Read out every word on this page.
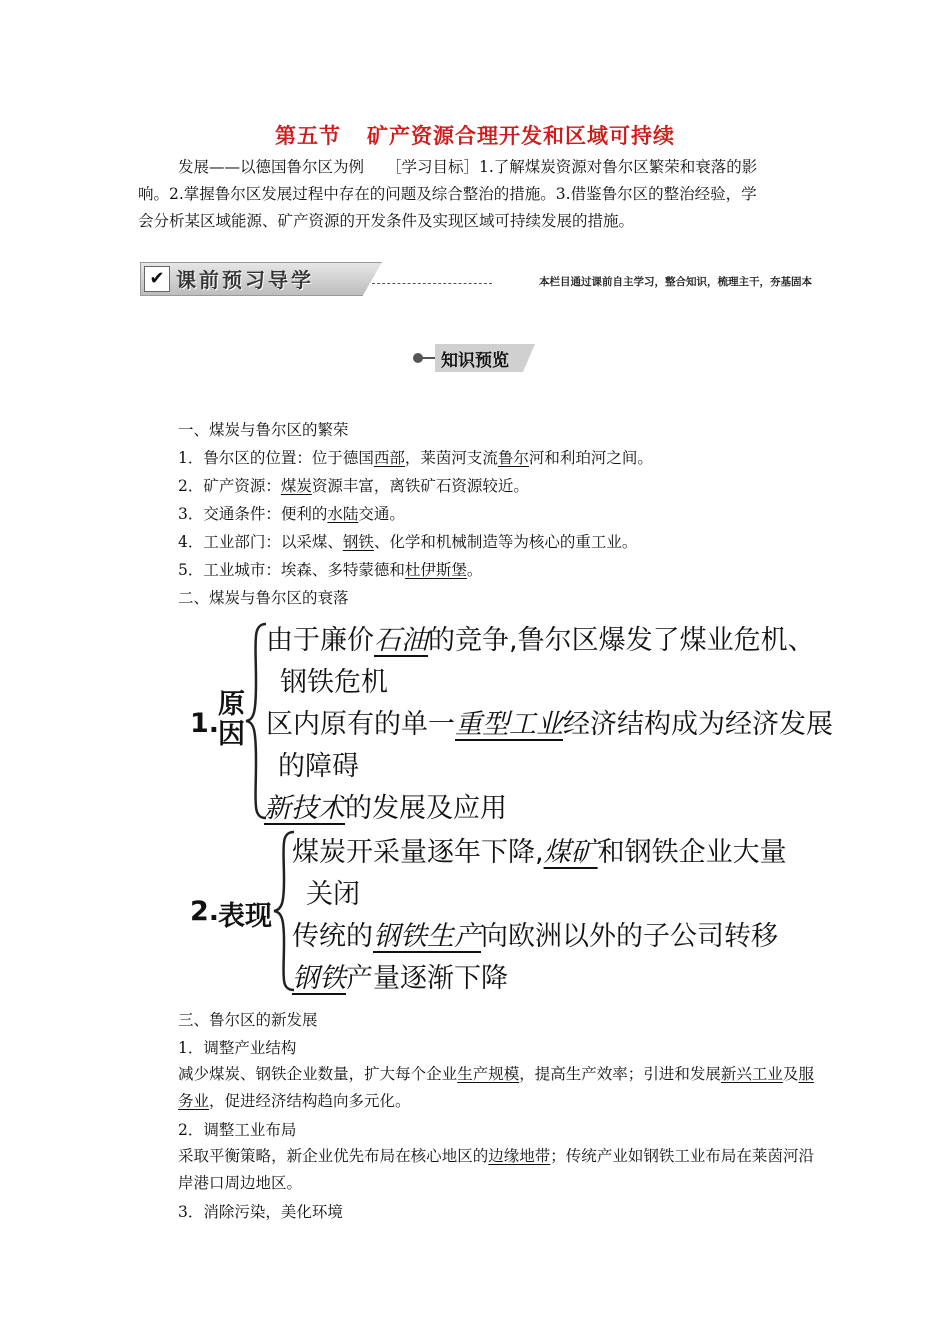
第五节 矿产资源合理开发和区域可持续
发展——以德国鲁尔区为例 ［学习目标］1.了解煤炭资源对鲁尔区繁荣和衰落的影
响。2.掌握鲁尔区发展过程中存在的问题及综合整治的措施。3.借鉴鲁尔区的整治经验，学
会分析某区域能源、矿产资源的开发条件及实现区域可持续发展的措施。
✔ 课前预习导学	本栏目通过课前自主学习，整合知识，梳理主干，夯基固本
知识预览
一、煤炭与鲁尔区的繁荣
1．鲁尔区的位置：位于德国西部，莱茵河支流鲁尔河和利珀河之间。
2．矿产资源：煤炭资源丰富，离铁矿石资源较近。
3．交通条件：便利的水陆交通。
4．工业部门：以采煤、钢铁、化学和机械制造等为核心的重工业。
5．工业城市：埃森、多特蒙德和杜伊斯堡。
二、煤炭与鲁尔区的衰落
1.
原
因
由于廉价石油的竞争,鲁尔区爆发了煤业危机、
钢铁危机
区内原有的单一重型工业经济结构成为经济发展
的障碍
新技术的发展及应用
2.
表现
煤炭开采量逐年下降,煤矿和钢铁企业大量
关闭
传统的钢铁生产向欧洲以外的子公司转移
钢铁产量逐渐下降
三、鲁尔区的新发展
1．调整产业结构
减少煤炭、钢铁企业数量，扩大每个企业生产规模，提高生产效率；引进和发展新兴工业及服务业，促进经济结构趋向多元化。
2．调整工业布局
采取平衡策略，新企业优先布局在核心地区的边缘地带；传统产业如钢铁工业布局在莱茵河沿岸港口周边地区。
3．消除污染，美化环境
